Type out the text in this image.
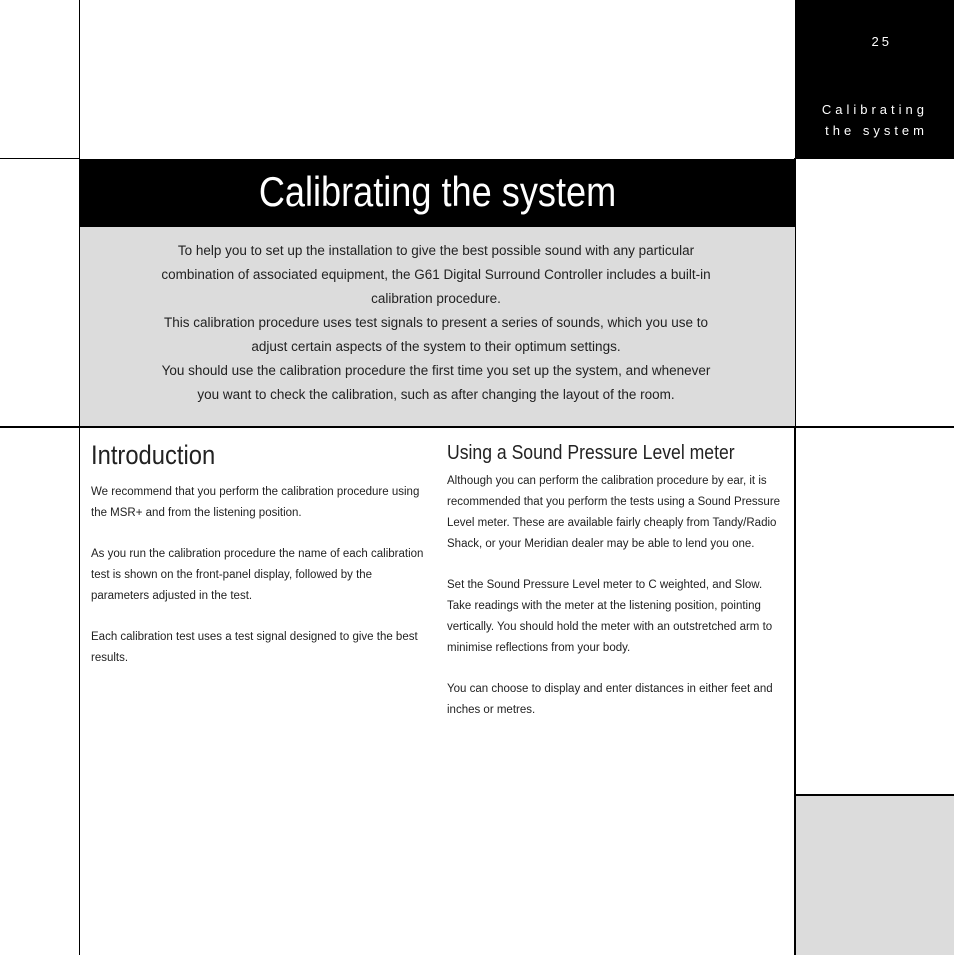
25
Calibrating the system
Calibrating the system

To help you to set up the installation to give the best possible sound with any particular combination of associated equipment, the G61 Digital Surround Controller includes a built-in calibration procedure.

This calibration procedure uses test signals to present a series of sounds, which you use to adjust certain aspects of the system to their optimum settings.

You should use the calibration procedure the first time you set up the system, and whenever you want to check the calibration, such as after changing the layout of the room.

Introduction

We recommend that you perform the calibration procedure using the MSR+ and from the listening position.

As you run the calibration procedure the name of each calibration test is shown on the front-panel display, followed by the parameters adjusted in the test.

Each calibration test uses a test signal designed to give the best results.

Using a Sound Pressure Level meter

Although you can perform the calibration procedure by ear, it is recommended that you perform the tests using a Sound Pressure Level meter. These are available fairly cheaply from Tandy/Radio Shack, or your Meridian dealer may be able to lend you one.

Set the Sound Pressure Level meter to C weighted, and Slow. Take readings with the meter at the listening position, pointing vertically. You should hold the meter with an outstretched arm to minimise reflections from your body.

You can choose to display and enter distances in either feet and inches or metres.
